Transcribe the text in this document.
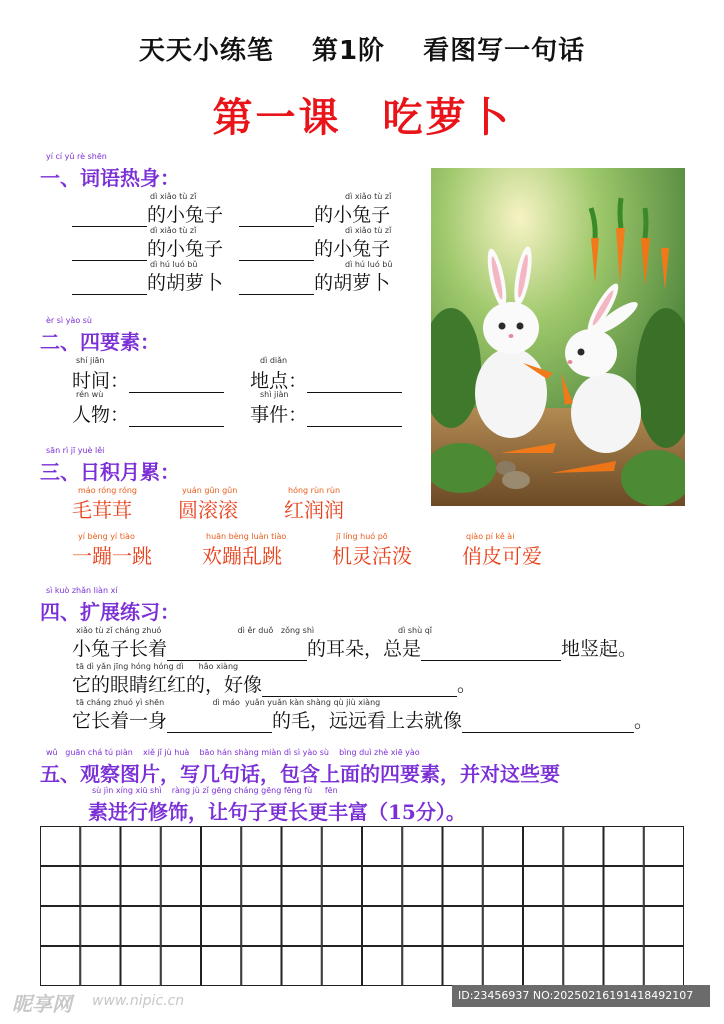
天天小练笔 第1阶 看图写一句话
第一课 吃萝卜
yí cí yǔ rè shēn
一、词语热身：
dì xiǎo tù zǐ	dì xiǎo tù zǐ
的小兔子	的小兔子
dì xiǎo tù zǐ	dì xiǎo tù zǐ
的小兔子	的小兔子
dì hú luó bǔ	dì hú luó bǔ
的胡萝卜	的胡萝卜
èr sì yào sù
二、四要素：
shí jiān	dì diǎn
时间：	地点：
rén wù	shì jiàn
人物：	事件：
sān rì jī yuè lěi
三、日积月累：
máo róng róng	yuán gǔn gǔn	hóng rùn rùn
毛茸茸 圆滚滚 红润润
yí bèng yí tiào	huān bèng luàn tiào	jī líng huó pō	qiào pí kě ài
一蹦一跳	欢蹦乱跳	机灵活泼	俏皮可爱
sì kuò zhǎn liàn xí
四、扩展练习：
xiǎo tù zǐ cháng zhuó                              dì ěr duǒ   zǒng shì                                 dì shù qǐ
小兔子长着	的耳朵，总是	地竖起。
tā dì yǎn jīng hóng hóng dì      hǎo xiàng
它的眼睛红红的，好像	。
tā cháng zhuó yì shēn                   dì máo  yuǎn yuǎn kàn shàng qù jiù xiàng
它长着一身	的毛，远远看上去就像	。
wǔ   guān chá tú piàn    xiě jǐ jù huà    bāo hán shàng miàn dì sì yào sù    bìng duì zhè xiē yào
五、观察图片，写几句话，包含上面的四要素，并对这些要
sù jìn xíng xiū shì    ràng jù zǐ gēng cháng gēng fēng fù     fēn
素进行修饰，让句子更长更丰富（15分）。
昵享网 www.nipic.cn	ID:23456937 NO:20250216191418492107
